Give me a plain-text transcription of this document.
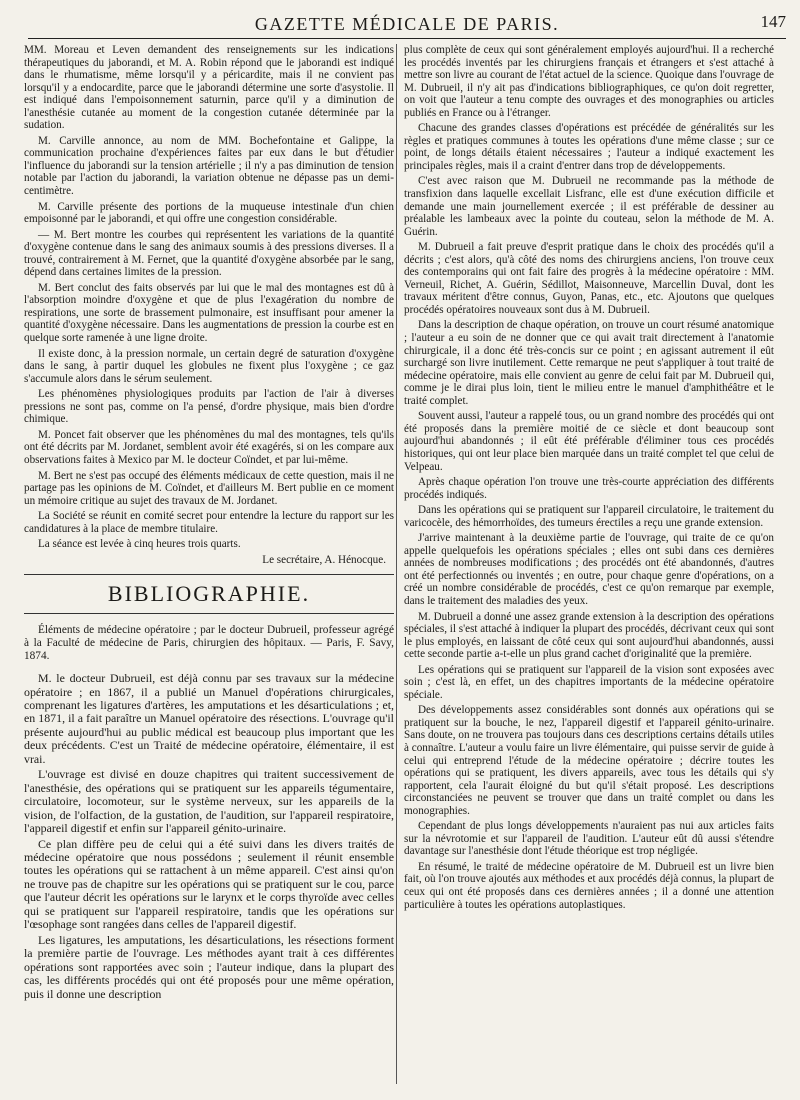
GAZETTE MÉDICALE DE PARIS.	147

MM. Moreau et Leven demandent des renseignements sur les indications thérapeutiques du jaborandi, et M. A. Robin répond que le jaborandi est indiqué dans le rhumatisme, même lorsqu'il y a péricardite, mais il ne convient pas lorsqu'il y a endocardite, parce que le jaborandi détermine une sorte d'asystolie. Il est indiqué dans l'empoisonnement saturnin, parce qu'il y a diminution de l'anesthésie cutanée au moment de la congestion cutanée déterminée par la sudation.

M. Carville annonce, au nom de MM. Bochefontaine et Galippe, la communication prochaine d'expériences faites par eux dans le but d'étudier l'influence du jaborandi sur la tension artérielle ; il n'y a pas diminution de tension notable par l'action du jaborandi, la variation obtenue ne dépasse pas un demi-centimètre.

M. Carville présente des portions de la muqueuse intestinale d'un chien empoisonné par le jaborandi, et qui offre une congestion considérable.

— M. Bert montre les courbes qui représentent les variations de la quantité d'oxygène contenue dans le sang des animaux soumis à des pressions diverses. Il a trouvé, contrairement à M. Fernet, que la quantité d'oxygène absorbée par le sang, dépend dans certaines limites de la pression.

M. Bert conclut des faits observés par lui que le mal des montagnes est dû à l'absorption moindre d'oxygène et que de plus l'exagération du nombre de respirations, une sorte de brassement pulmonaire, est insuffisant pour amener la quantité d'oxygène nécessaire. Dans les augmentations de pression la courbe est en quelque sorte ramenée à une ligne droite.

Il existe donc, à la pression normale, un certain degré de saturation d'oxygène dans le sang, à partir duquel les globules ne fixent plus l'oxygène ; ce gaz s'accumule alors dans le sérum seulement.

Les phénomènes physiologiques produits par l'action de l'air à diverses pressions ne sont pas, comme on l'a pensé, d'ordre physique, mais bien d'ordre chimique.

M. Poncet fait observer que les phénomènes du mal des montagnes, tels qu'ils ont été décrits par M. Jordanet, semblent avoir été exagérés, si on les compare aux observations faites à Mexico par M. le docteur Coïndet, et par lui-même.

M. Bert ne s'est pas occupé des éléments médicaux de cette question, mais il ne partage pas les opinions de M. Coïndet, et d'ailleurs M. Bert publie en ce moment un mémoire critique au sujet des travaux de M. Jordanet.

La Société se réunit en comité secret pour entendre la lecture du rapport sur les candidatures à la place de membre titulaire.

La séance est levée à cinq heures trois quarts.

Le secrétaire, A. Hénocque.

BIBLIOGRAPHIE.

Éléments de médecine opératoire ; par le docteur Dubrueil, professeur agrégé à la Faculté de médecine de Paris, chirurgien des hôpitaux. — Paris, F. Savy, 1874.

M. le docteur Dubrueil, est déjà connu par ses travaux sur la médecine opératoire ; en 1867, il a publié un Manuel d'opérations chirurgicales, comprenant les ligatures d'artères, les amputations et les désarticulations ; et, en 1871, il a fait paraître un Manuel opératoire des résections. L'ouvrage qu'il présente aujourd'hui au public médical est beaucoup plus important que les deux précédents. C'est un Traité de médecine opératoire, élémentaire, il est vrai.

L'ouvrage est divisé en douze chapitres qui traitent successivement de l'anesthésie, des opérations qui se pratiquent sur les appareils tégumentaire, circulatoire, locomoteur, sur le système nerveux, sur les appareils de la vision, de l'olfaction, de la gustation, de l'audition, sur l'appareil respiratoire, l'appareil digestif et enfin sur l'appareil génito-urinaire.

Ce plan diffère peu de celui qui a été suivi dans les divers traités de médecine opératoire que nous possédons ; seulement il réunit ensemble toutes les opérations qui se rattachent à un même appareil. C'est ainsi qu'on ne trouve pas de chapitre sur les opérations qui se pratiquent sur le cou, parce que l'auteur décrit les opérations sur le larynx et le corps thyroïde avec celles qui se pratiquent sur l'appareil respiratoire, tandis que les opérations sur l'œsophage sont rangées dans celles de l'appareil digestif.

Les ligatures, les amputations, les désarticulations, les résections forment la première partie de l'ouvrage. Les méthodes ayant trait à ces différentes opérations sont rapportées avec soin ; l'auteur indique, dans la plupart des cas, les différents procédés qui ont été proposés pour une même opération, puis il donne une description

plus complète de ceux qui sont généralement employés aujourd'hui. Il a recherché les procédés inventés par les chirurgiens français et étrangers et s'est attaché à mettre son livre au courant de l'état actuel de la science. Quoique dans l'ouvrage de M. Dubrueil, il n'y ait pas d'indications bibliographiques, ce qu'on doit regretter, on voit que l'auteur a tenu compte des ouvrages et des monographies ou articles publiés en France ou à l'étranger.

Chacune des grandes classes d'opérations est précédée de généralités sur les règles et pratiques communes à toutes les opérations d'une même classe ; sur ce point, de longs détails étaient nécessaires ; l'auteur a indiqué exactement les principales règles, mais il a craint d'entrer dans trop de développements.

C'est avec raison que M. Dubrueil ne recommande pas la méthode de transfixion dans laquelle excellait Lisfranc, elle est d'une exécution difficile et demande une main journellement exercée ; il est préférable de dessiner au préalable les lambeaux avec la pointe du couteau, selon la méthode de M. A. Guérin.

M. Dubrueil a fait preuve d'esprit pratique dans le choix des procédés qu'il a décrits ; c'est alors, qu'à côté des noms des chirurgiens anciens, l'on trouve ceux des contemporains qui ont fait faire des progrès à la médecine opératoire : MM. Verneuil, Richet, A. Guérin, Sédillot, Maisonneuve, Marcellin Duval, dont les travaux méritent d'être connus, Guyon, Panas, etc., etc. Ajoutons que quelques procédés opératoires nouveaux sont dus à M. Dubrueil.

Dans la description de chaque opération, on trouve un court résumé anatomique ; l'auteur a eu soin de ne donner que ce qui avait trait directement à l'anatomie chirurgicale, il a donc été très-concis sur ce point ; en agissant autrement il eût surchargé son livre inutilement. Cette remarque ne peut s'appliquer à tout traité de médecine opératoire, mais elle convient au genre de celui fait par M. Dubrueil qui, comme je le dirai plus loin, tient le milieu entre le manuel d'amphithéâtre et le traité complet.

Souvent aussi, l'auteur a rappelé tous, ou un grand nombre des procédés qui ont été proposés dans la première moitié de ce siècle et dont beaucoup sont aujourd'hui abandonnés ; il eût été préférable d'éliminer tous ces procédés historiques, qui ont leur place bien marquée dans un traité complet tel que celui de Velpeau.

Après chaque opération l'on trouve une très-courte appréciation des différents procédés indiqués.

Dans les opérations qui se pratiquent sur l'appareil circulatoire, le traitement du varicocèle, des hémorrhoïdes, des tumeurs érectiles a reçu une grande extension.

J'arrive maintenant à la deuxième partie de l'ouvrage, qui traite de ce qu'on appelle quelquefois les opérations spéciales ; elles ont subi dans ces dernières années de nombreuses modifications ; des procédés ont été abandonnés, d'autres ont été perfectionnés ou inventés ; en outre, pour chaque genre d'opérations, on a créé un nombre considérable de procédés, c'est ce qu'on remarque par exemple, dans le traitement des maladies des yeux.

M. Dubrueil a donné une assez grande extension à la description des opérations spéciales, il s'est attaché à indiquer la plupart des procédés, décrivant ceux qui sont le plus employés, en laissant de côté ceux qui sont aujourd'hui abandonnés, aussi cette seconde partie a-t-elle un plus grand cachet d'originalité que la première.

Les opérations qui se pratiquent sur l'appareil de la vision sont exposées avec soin ; c'est là, en effet, un des chapitres importants de la médecine opératoire spéciale.

Des développements assez considérables sont donnés aux opérations qui se pratiquent sur la bouche, le nez, l'appareil digestif et l'appareil génito-urinaire. Sans doute, on ne trouvera pas toujours dans ces descriptions certains détails utiles à connaître. L'auteur a voulu faire un livre élémentaire, qui puisse servir de guide à celui qui entreprend l'étude de la médecine opératoire ; décrire toutes les opérations qui se pratiquent, les divers appareils, avec tous les détails qui s'y rapportent, cela l'aurait éloigné du but qu'il s'était proposé. Les descriptions circonstanciées ne peuvent se trouver que dans un traité complet ou dans les monographies.

Cependant de plus longs développements n'auraient pas nui aux articles faits sur la névrotomie et sur l'appareil de l'audition. L'auteur eût dû aussi s'étendre davantage sur l'anesthésie dont l'étude théorique est trop négligée.

En résumé, le traité de médecine opératoire de M. Dubrueil est un livre bien fait, où l'on trouve ajoutés aux méthodes et aux procédés déjà connus, la plupart de ceux qui ont été proposés dans ces dernières années ; il a donné une attention particulière à toutes les opérations autoplastiques.
